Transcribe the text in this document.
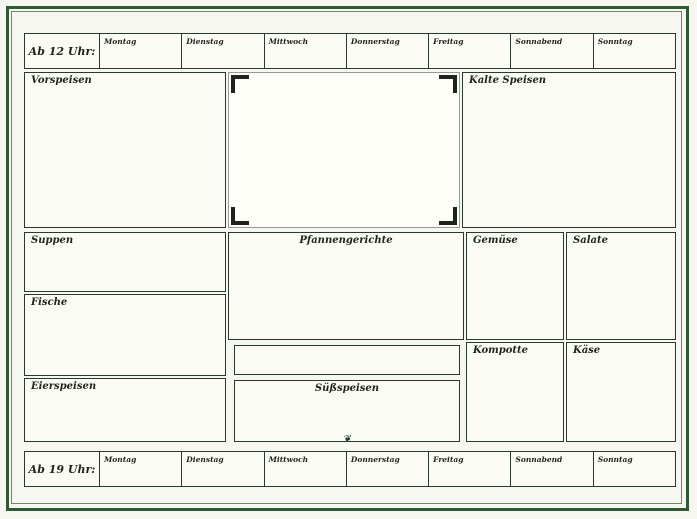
Ab 12 Uhr:
Montag	Dienstag	Mittwoch	Donnerstag	Freitag	Sonnabend	Sonntag
Vorspeisen	Kalte Speisen
Suppen
Fische
Eierspeisen
Pfannengerichte
Süßspeisen
Gemüse
Kompotte
Salate
Käse
❦
Ab 19 Uhr:
Montag	Dienstag	Mittwoch	Donnerstag	Freitag	Sonnabend	Sonntag
